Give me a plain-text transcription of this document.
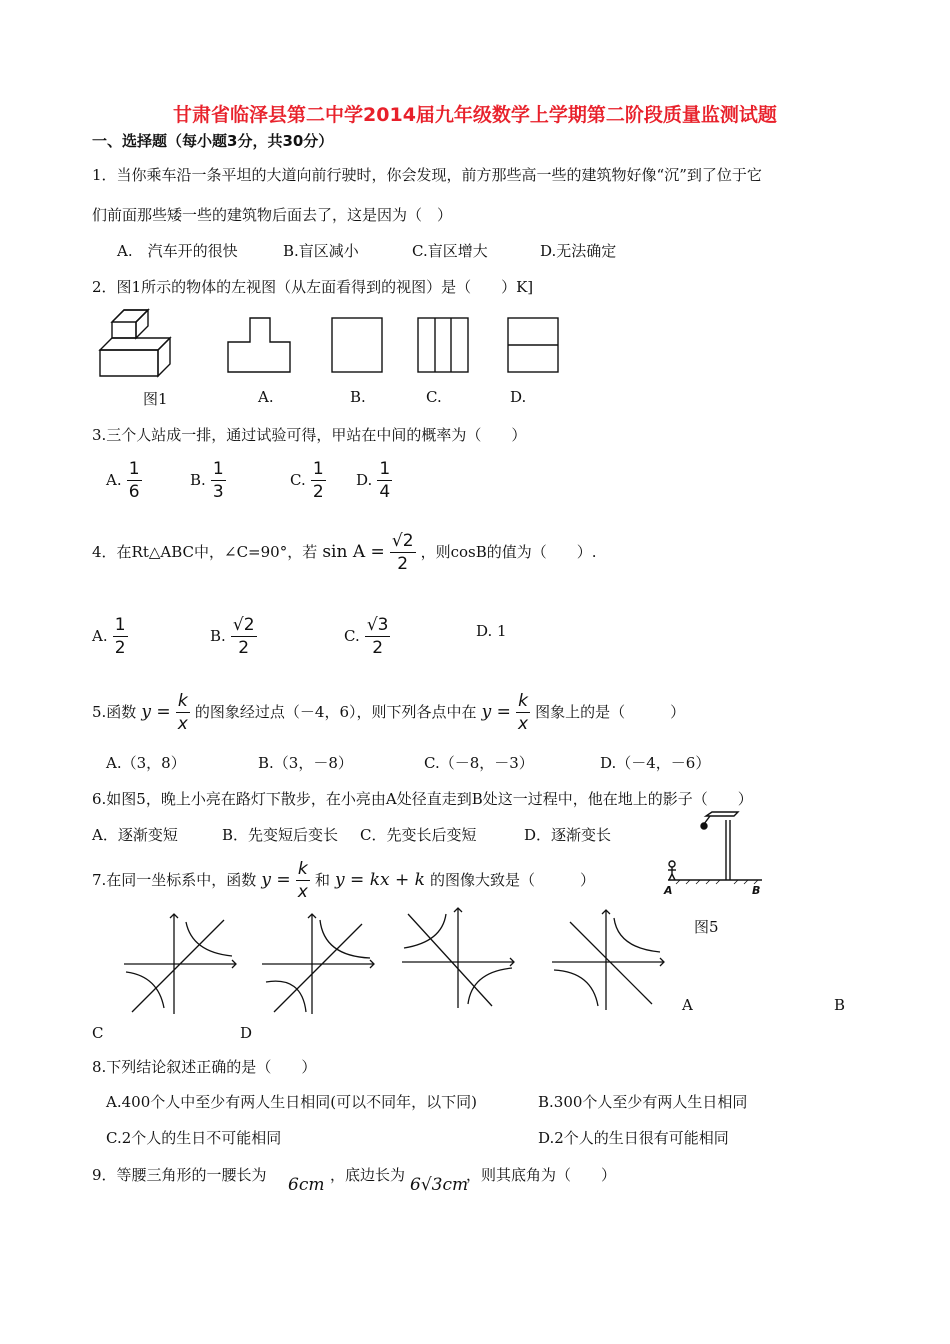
甘肃省临泽县第二中学2014届九年级数学上学期第二阶段质量监测试题
一、选择题（每小题3分，共30分）
1．当你乘车沿一条平坦的大道向前行驶时，你会发现，前方那些高一些的建筑物好像“沉”到了位于它
们前面那些矮一些的建筑物后面去了，这是因为（　）
A.　汽车开的很快	B.盲区减小	C.盲区增大	D.无法确定
2．图1所示的物体的左视图（从左面看得到的视图）是（　　）K]
图1	A.	B.	C.	D.
3.三个人站成一排，通过试验可得，甲站在中间的概率为（　　）
A. $\frac{1}{6}$	B. $\frac{1}{3}$	C. $\frac{1}{2} D$. $\frac{1}{4}$
4．在Rt△ABC中，∠C=90°，若 $\sin A = \frac{√2}{2}$ ，则cosB的值为（　　）.
A. $\frac{1}{2}$	B. $\frac{√2}{2}$	C. $\frac{√3}{2}$	D. 1
5.函数 $y = \frac{k}{x}$ 的图象经过点（－4，6），则下列各点中在 $y = \frac{k}{x}$ 图象上的是（　　　）
A.（3，8）	B.（3，－8）	C.（－8，－3）	D.（－4，－6）
6.如图5，晚上小亮在路灯下散步，在小亮由A处径直走到B处这一过程中，他在地上的影子（　　）
A．逐渐变短	B．先变短后变长 C．先变长后变短	D．逐渐变长
A	B
图5
7.在同一坐标系中，函数 $y = \frac{k}{x}$ 和 y = kx + k 的图像大致是（　　　）
A	B
C	D
8.下列结论叙述正确的是（　　）
A.400个人中至少有两人生日相同(可以不同年，以下同)	B.300个人至少有两人生日相同
C.2个人的生日不可能相同	D.2个人的生日很有可能相同
9．等腰三角形的一腰长为 6cm ，底边长为 6√3cm
，则其底角为（　　）
